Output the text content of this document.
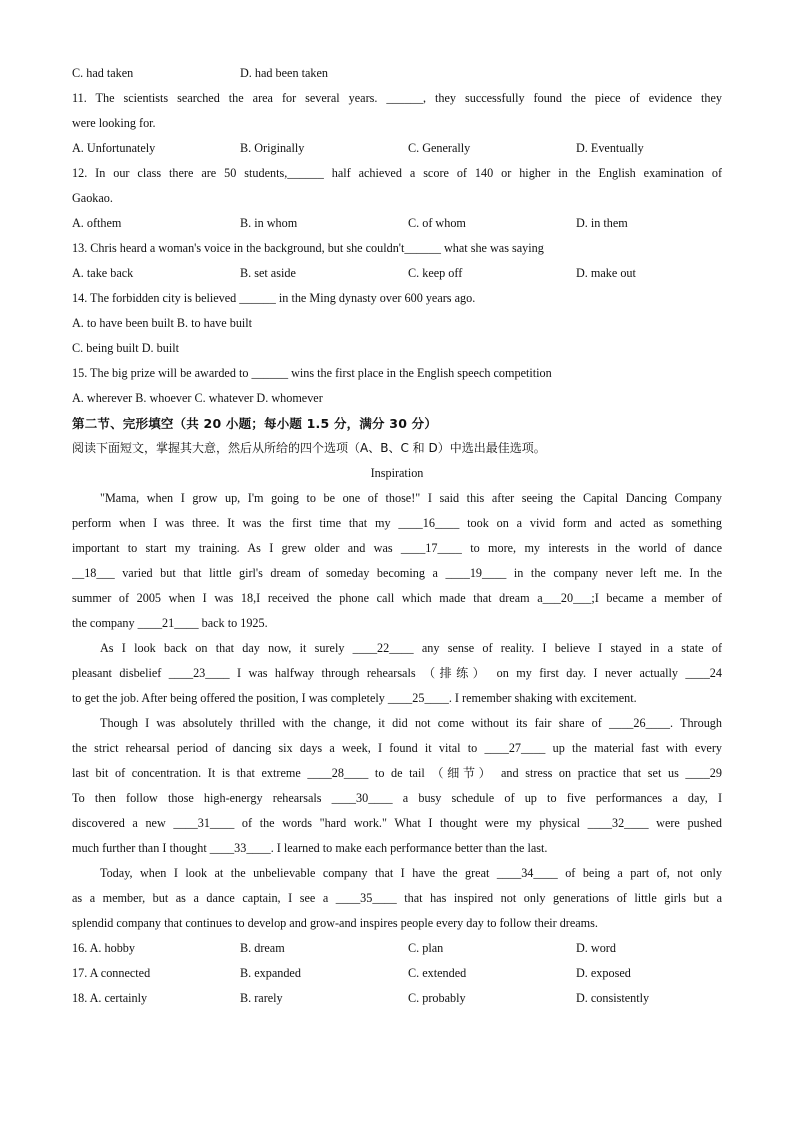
C. had taken	D. had been taken
11. The scientists searched the area for several years. ______, they successfully found the piece of evidence they
were looking for.
A. Unfortunately	B. Originally	C. Generally	D. Eventually
12. In our class there are 50 students,______ half achieved a score of 140 or higher in the English examination of
Gaokao.
A. ofthem	B. in whom	C. of whom	D. in them
13. Chris heard a woman's voice in the background, but she couldn't______ what she was saying
A. take back	B. set aside	C. keep off	D. make out
14. The forbidden city is believed ______ in the Ming dynasty over 600 years ago.
A. to have been built B. to have built
C. being built D. built
15. The big prize will be awarded to ______ wins the first place in the English speech competition
A. wherever B. whoever C. whatever D. whomever
第二节、完形填空（共 20 小题；每小题 1.5 分，满分 30 分）
阅读下面短文，掌握其大意，然后从所给的四个选项（A、B、C 和 D）中选出最佳选项。
Inspiration
"Mama, when I grow up, I'm going to be one of those!" I said this after seeing the Capital Dancing Company
perform when I was three. It was the first time that my ____16____ took on a vivid form and acted as something
important to start my training. As I grew older and was ____17____ to more, my interests in the world of dance
__18___ varied but that little girl's dream of someday becoming a ____19____ in the company never left me. In the
summer of 2005 when I was 18,I received the phone call which made that dream a___20___;I became a member of
the company ____21____ back to 1925.
As I look back on that day now, it surely ____22____ any sense of reality. I believe I stayed in a state of
pleasant disbelief ____23____ I was halfway through rehearsals （排练） on my first day. I never actually ____24
to get the job. After being offered the position, I was completely ____25____. I remember shaking with excitement.
Though I was absolutely thrilled with the change, it did not come without its fair share of ____26____. Through
the strict rehearsal period of dancing six days a week, I found it vital to ____27____ up the material fast with every
last bit of concentration. It is that extreme ____28____ to de tail （细节） and stress on practice that set us ____29
To then follow those high-energy rehearsals ____30____ a busy schedule of up to five performances a day, I
discovered a new ____31____ of the words "hard work." What I thought were my physical ____32____ were pushed
much further than I thought ____33____. I learned to make each performance better than the last.
Today, when I look at the unbelievable company that I have the great ____34____ of being a part of, not only
as a member, but as a dance captain, I see a ____35____ that has inspired not only generations of little girls but a
splendid company that continues to develop and grow-and inspires people every day to follow their dreams.
16. A. hobby	B. dream	C. plan	D. word
17. A connected	B. expanded	C. extended	D. exposed
18. A. certainly	B. rarely	C. probably	D. consistently
